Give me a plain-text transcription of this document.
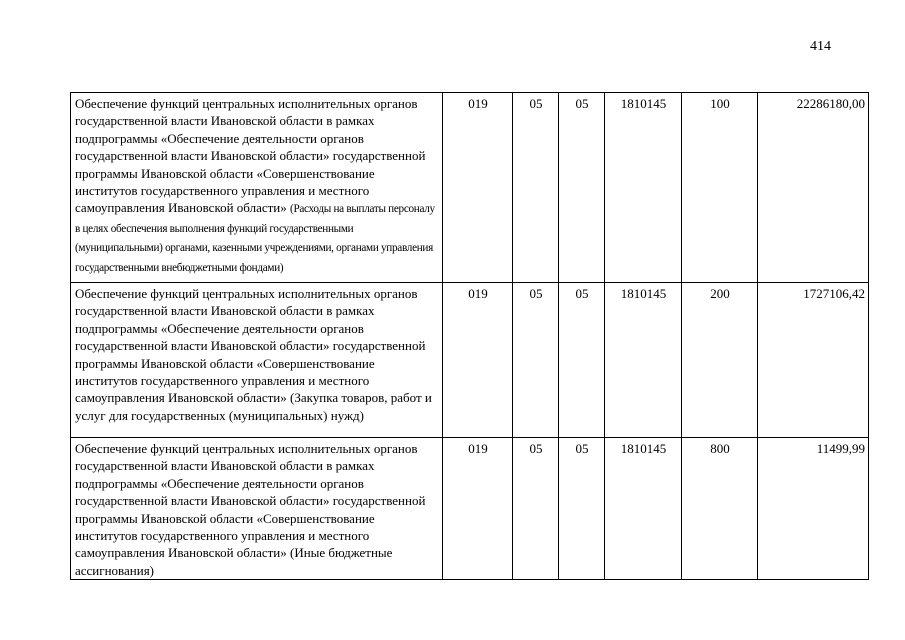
414
Обеспечение функций центральных исполнительных органов государственной власти Ивановской области в рамках подпрограммы «Обеспечение деятельности органов государственной власти Ивановской области» государственной программы Ивановской области «Совершенствование институтов государственного управления и местного самоуправления Ивановской области» (Расходы на выплаты персоналу в целях обеспечения выполнения функций государственными (муниципальными) органами, казенными учреждениями, органами управления государственными внебюджетными фондами)	019	05	05	1810145	100	22286180,00
Обеспечение функций центральных исполнительных органов государственной власти Ивановской области в рамках подпрограммы «Обеспечение деятельности органов государственной власти Ивановской области» государственной программы Ивановской области «Совершенствование институтов государственного управления и местного самоуправления Ивановской области» (Закупка товаров, работ и услуг для государственных (муниципальных) нужд)	019	05	05	1810145	200	1727106,42
Обеспечение функций центральных исполнительных органов государственной власти Ивановской области в рамках подпрограммы «Обеспечение деятельности органов государственной власти Ивановской области» государственной программы Ивановской области «Совершенствование институтов государственного управления и местного самоуправления Ивановской области» (Иные бюджетные ассигнования)	019	05	05	1810145	800	11499,99
